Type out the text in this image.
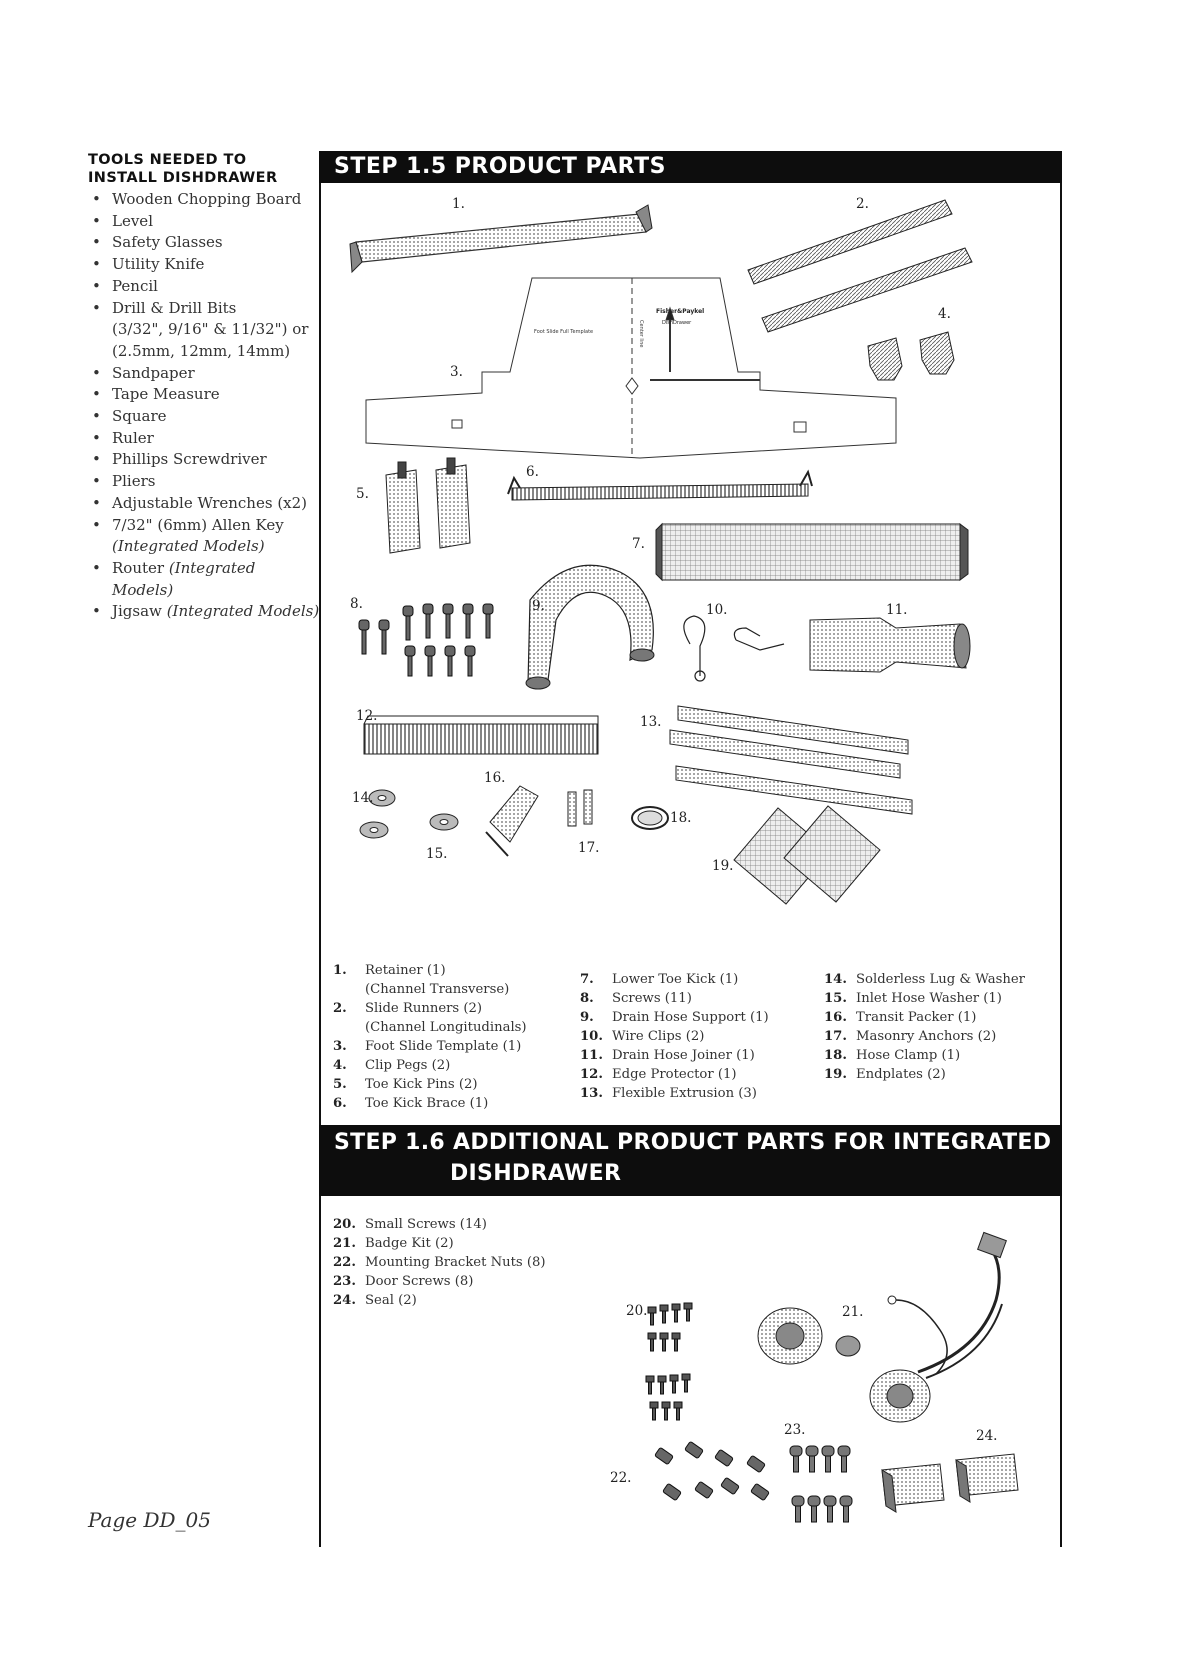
TOOLS NEEDED TO
INSTALL DISHDRAWER
• Wooden Chopping Board
• Level
• Safety Glasses
• Utility Knife
• Pencil
• Drill & Drill Bits
(3/32", 9/16" & 11/32") or
(2.5mm, 12mm, 14mm)
• Sandpaper
• Tape Measure
• Square
• Ruler
• Phillips Screwdriver
• Pliers
• Adjustable Wrenches (x2)
• 7/32" (6mm) Allen Key
(Integrated Models)
• Router (Integrated Models)
• Jigsaw (Integrated Models)
STEP 1.5 PRODUCT PARTS
Foot Slide Full Template	Center line
Fisher&Paykel
DishDrawer
1.	2.
3.
4.
5.
6.
7.
8.	9.	10.	11.
12.	13.
14.
15.
16.
17.
18.
19.
1. Retainer (1)
(Channel Transverse)
2. Slide Runners (2)
(Channel Longitudinals)
3. Foot Slide Template (1)
4. Clip Pegs (2)
5. Toe Kick Pins (2)
6. Toe Kick Brace (1)
7. Lower Toe Kick (1)
8. Screws (11)
9. Drain Hose Support (1)
10. Wire Clips (2)
11. Drain Hose Joiner (1)
12. Edge Protector (1)
13. Flexible Extrusion (3)
14. Solderless Lug & Washer
15. Inlet Hose Washer (1)
16. Transit Packer (1)
17. Masonry Anchors (2)
18. Hose Clamp (1)
19. Endplates (2)
STEP 1.6 ADDITIONAL PRODUCT PARTS FOR INTEGRATED
DISHDRAWER
20. Small Screws (14)
21. Badge Kit (2)
22. Mounting Bracket Nuts (8)
23. Door Screws (8)
24. Seal (2)
20.	21.
22.
23.	24.
Page DD_05
